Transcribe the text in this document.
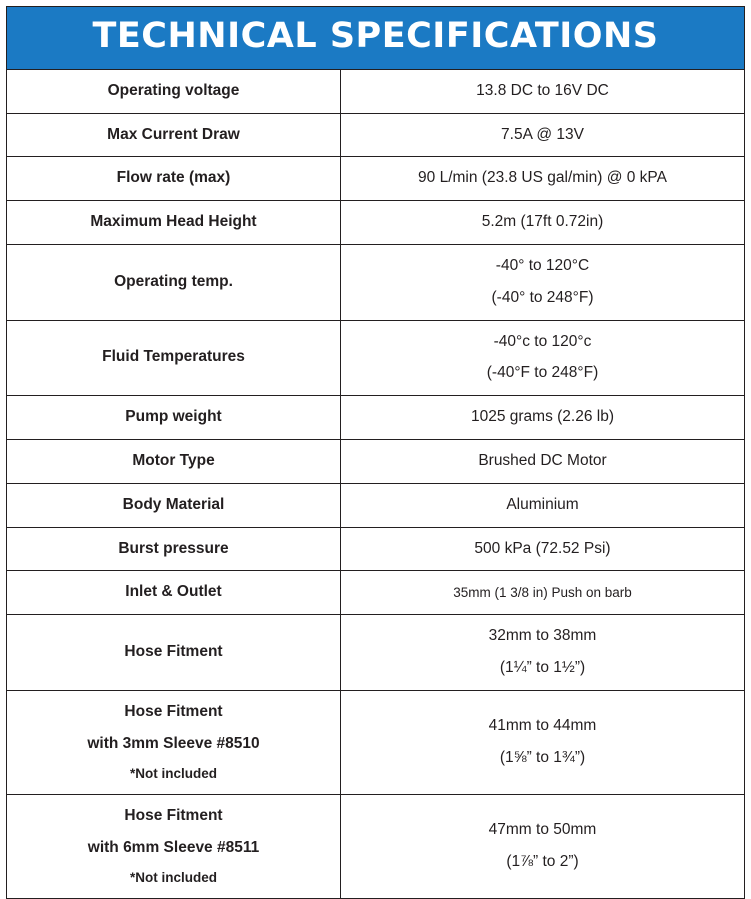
TECHNICAL SPECIFICATIONS
Operating voltage	13.8 DC to 16V DC

Max Current Draw	7.5A @ 13V

Flow rate (max)	90 L/min (23.8 US gal/min) @ 0 kPA

Maximum Head Height	5.2m (17ft 0.72in)

Operating temp.	-40° to 120°C
(-40° to 248°F)

Fluid Temperatures	-40°c to 120°c
(-40°F to 248°F)

Pump weight	1025 grams (2.26 lb)

Motor Type	Brushed DC Motor

Body Material	Aluminium

Burst pressure	500 kPa (72.52 Psi)

Inlet & Outlet	35mm (1 3/8 in) Push on barb

Hose Fitment	32mm to 38mm
(1¼” to 1½”)

Hose Fitment
with 3mm Sleeve #8510
*Not included	41mm to 44mm
(1⅝” to 1¾”)

Hose Fitment
with 6mm Sleeve #8511
*Not included	47mm to 50mm
(1⅞” to 2”)
